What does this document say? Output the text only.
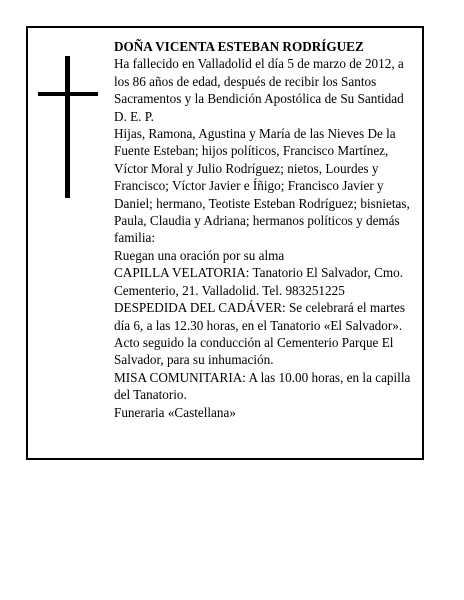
DOÑA VICENTA ESTEBAN RODRÍGUEZ

Ha fallecido en Valladolid el día 5 de marzo de 2012, a los 86 años de edad, después de recibir los Santos Sacramentos y la Bendición Apostólica de Su Santidad D. E. P.

Hijas, Ramona, Agustina y María de las Nieves De la Fuente Esteban; hijos políticos, Francisco Martínez, Víctor Moral y Julio Rodríguez; nietos, Lourdes y Francisco; Víctor Javier e Íñigo; Francisco Javier y Daniel; hermano, Teotiste Esteban Rodríguez; bisnietas, Paula, Claudia y Adriana; hermanos políticos y demás familia:

Ruegan una oración por su alma

CAPILLA VELATORIA: Tanatorio El Salvador, Cmo. Cementerio, 21. Valladolid. Tel. 983251225

DESPEDIDA DEL CADÁVER: Se celebrará el martes día 6, a las 12.30 horas, en el Tanatorio «El Salvador».

Acto seguido la conducción al Cementerio Parque El Salvador, para su inhumación.

MISA COMUNITARIA: A las 10.00 horas, en la capilla del Tanatorio.

Funeraria «Castellana»
